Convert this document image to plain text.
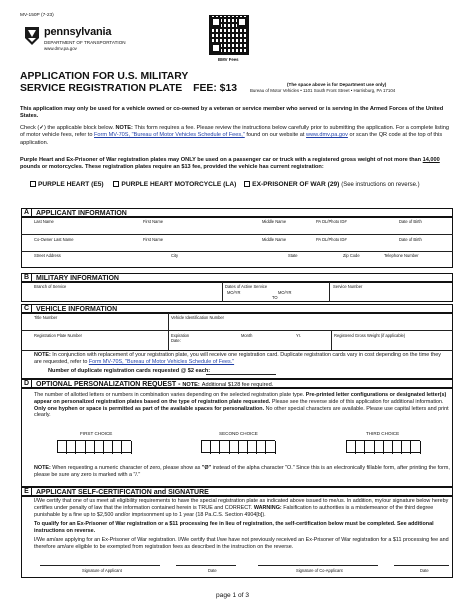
MV-150P (7-23)
pennsylvania
DEPARTMENT OF TRANSPORTATION
www.dmv.pa.gov
BMV Fees
APPLICATION FOR U.S. MILITARY
SERVICE REGISTRATION PLATE FEE: $13	(The space above is for Department use only)
Bureau of Motor Vehicles • 1101 South Front Street • Harrisburg, PA 17104
This application may only be used for a vehicle owned or co-owned by a veteran or service member who served or is serving in the Armed Forces of the United States.
Check (✓) the applicable block below. NOTE: This form requires a fee. Please review the instructions below carefully prior to submitting the application. For a complete listing of motor vehicle fees, refer to Form MV-70S, "Bureau of Motor Vehicles Schedule of Fees," found on our website at www.dmv.pa.gov or scan the QR code at the top of this application.
Purple Heart and Ex-Prisoner of War registration plates may ONLY be used on a passenger car or truck with a registered gross weight of not more than 14,000 pounds or motorcycles. These registration plates require an $13 fee, provided the vehicle has current registration:
PURPLE HEART (E5)	PURPLE HEART MOTORCYCLE (LA) EX-PRISONER OF WAR (29) (See instructions on reverse.)
A APPLICANT INFORMATION
Last Name	First Name	Middle Name	PA DL/Photo ID#	Date of Birth
Co-Owner Last Name	First Name	Middle Name	PA DL/Photo ID#	Date of Birth
Street Address	City	State	Zip Code	Telephone Number
B MILITARY INFORMATION
Branch of Service	Dates of Active Service
MO/YR
TO
MO/YR
Service Number
C VEHICLE INFORMATION
Title Number	Vehicle Identification Number
Registration Plate Number	Expiration Date:
Month	Yr.	Registered Gross Weight (if applicable)
NOTE: In conjunction with replacement of your registration plate, you will receive one registration card. Duplicate registration cards vary in cost depending on the time they are requested, refer to Form MV-70S, "Bureau of Motor Vehicles Schedule of Fees."
Number of duplicate registration cards requested @ $2 each:
D OPTIONAL PERSONALIZATION REQUEST - NOTE: Additional $128 fee required.
The number of allotted letters or numbers in combination varies depending on the selected registration plate type. Pre-printed letter configurations or designated letter(s) appear on personalized registration plates based on the type of registration plate requested. Please see the reverse side of this application for additional information. Only one hyphen or space is permitted as part of the available spaces for personalization. No other special characters are available. Please use capital letters and print clearly.
FIRST CHOICE	SECOND CHOICE	THIRD CHOICE
NOTE: When requesting a numeric character of zero, please show as "Ø" instead of the alpha character "O." Since this is an electronically fillable form, after printing the form, please be sure any zero is marked with a "/."
E	APPLICANT SELF-CERTIFICATION and SIGNATURE
I/We certify that one of us meet all eligibility requirements to have the special registration plate as indicated above issued to me/us. In addition, my/our signature below hereby certifies under penalty of law that the information contained herein is TRUE and CORRECT. WARNING: Falsification to authorities is a misdemeanor of the third degree punishable by a fine up to $2,500 and/or imprisonment up to 1 year (18 Pa.C.S. Section 4904[b]).
To qualify for an Ex-Prisoner of War registration or a $11 processing fee in lieu of registration, the self-certification below must be completed. See additional instructions on reverse.
I/We am/are applying for an Ex-Prisoner of War registration. I/We certify that I/we have not previously received an Ex-Prisoner of War registration for a $11 processing fee and therefore am/are eligible to be exempted from registration fees as described in the instruction on the reverse.
Signature of Applicant	Date	Signature of Co-Applicant	Date
page 1 of 3
